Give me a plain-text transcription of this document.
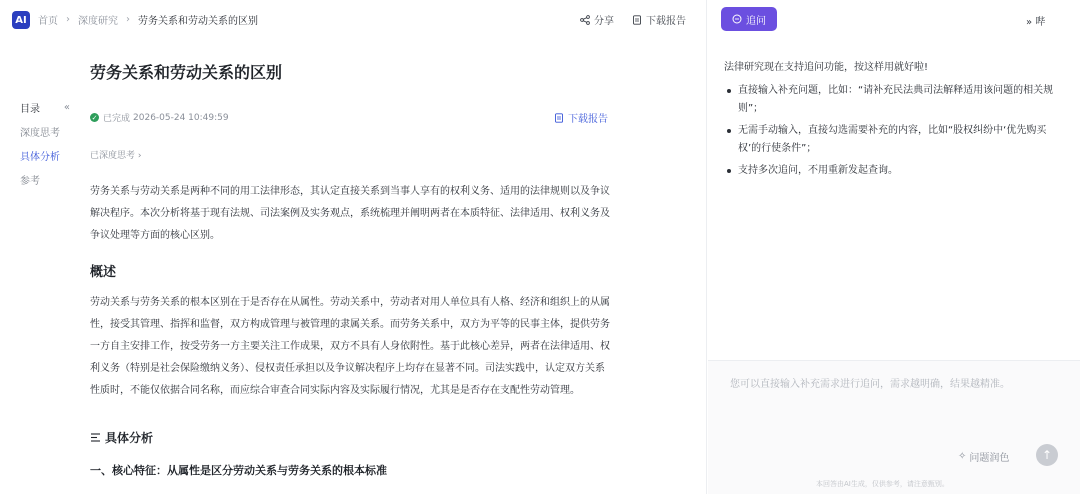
AI	首页 › 深度研究 › 劳务关系和劳动关系的区别	分享	下载报告
目录 «
深度思考
具体分析
参考
劳务关系和劳动关系的区别
✓ 已完成 2026-05-24 10:49:59	下载报告
已深度思考 ›

劳务关系与劳动关系是两种不同的用工法律形态，其认定直接关系到当事人享有的权利义务、适用的法律规则以及争议解决程序。本次分析将基于现有法规、司法案例及实务观点，系统梳理并阐明两者在本质特征、法律适用、权利义务及争议处理等方面的核心区别。

概述

劳动关系与劳务关系的根本区别在于是否存在从属性。劳动关系中，劳动者对用人单位具有人格、经济和组织上的从属性，接受其管理、指挥和监督，双方构成管理与被管理的隶属关系。而劳务关系中，双方为平等的民事主体，提供劳务一方自主安排工作，按受劳务一方主要关注工作成果，双方不具有人身依附性。基于此核心差异，两者在法律适用、权利义务（特别是社会保险缴纳义务）、侵权责任承担以及争议解决程序上均存在显著不同。司法实践中，认定双方关系性质时，不能仅依据合同名称，而应综合审查合同实际内容及实际履行情况，尤其是是否存在支配性劳动管理。

具体分析
一、核心特征：从属性是区分劳动关系与劳务关系的根本标准
追问	» 哔
法律研究现在支持追问功能，按这样用就好啦!
直接输入补充问题，比如：“请补充民法典司法解释适用该问题的相关规则”；
无需手动输入，直接勾选需要补充的内容，比如“股权纠纷中‘优先购买权’的行使条件”；
支持多次追问，不用重新发起查询。
您可以直接输入补充需求进行追问，需求越明确，结果越精准。
✧ 问题润色	↑
本回答由AI生成，仅供参考，请注意甄别。
